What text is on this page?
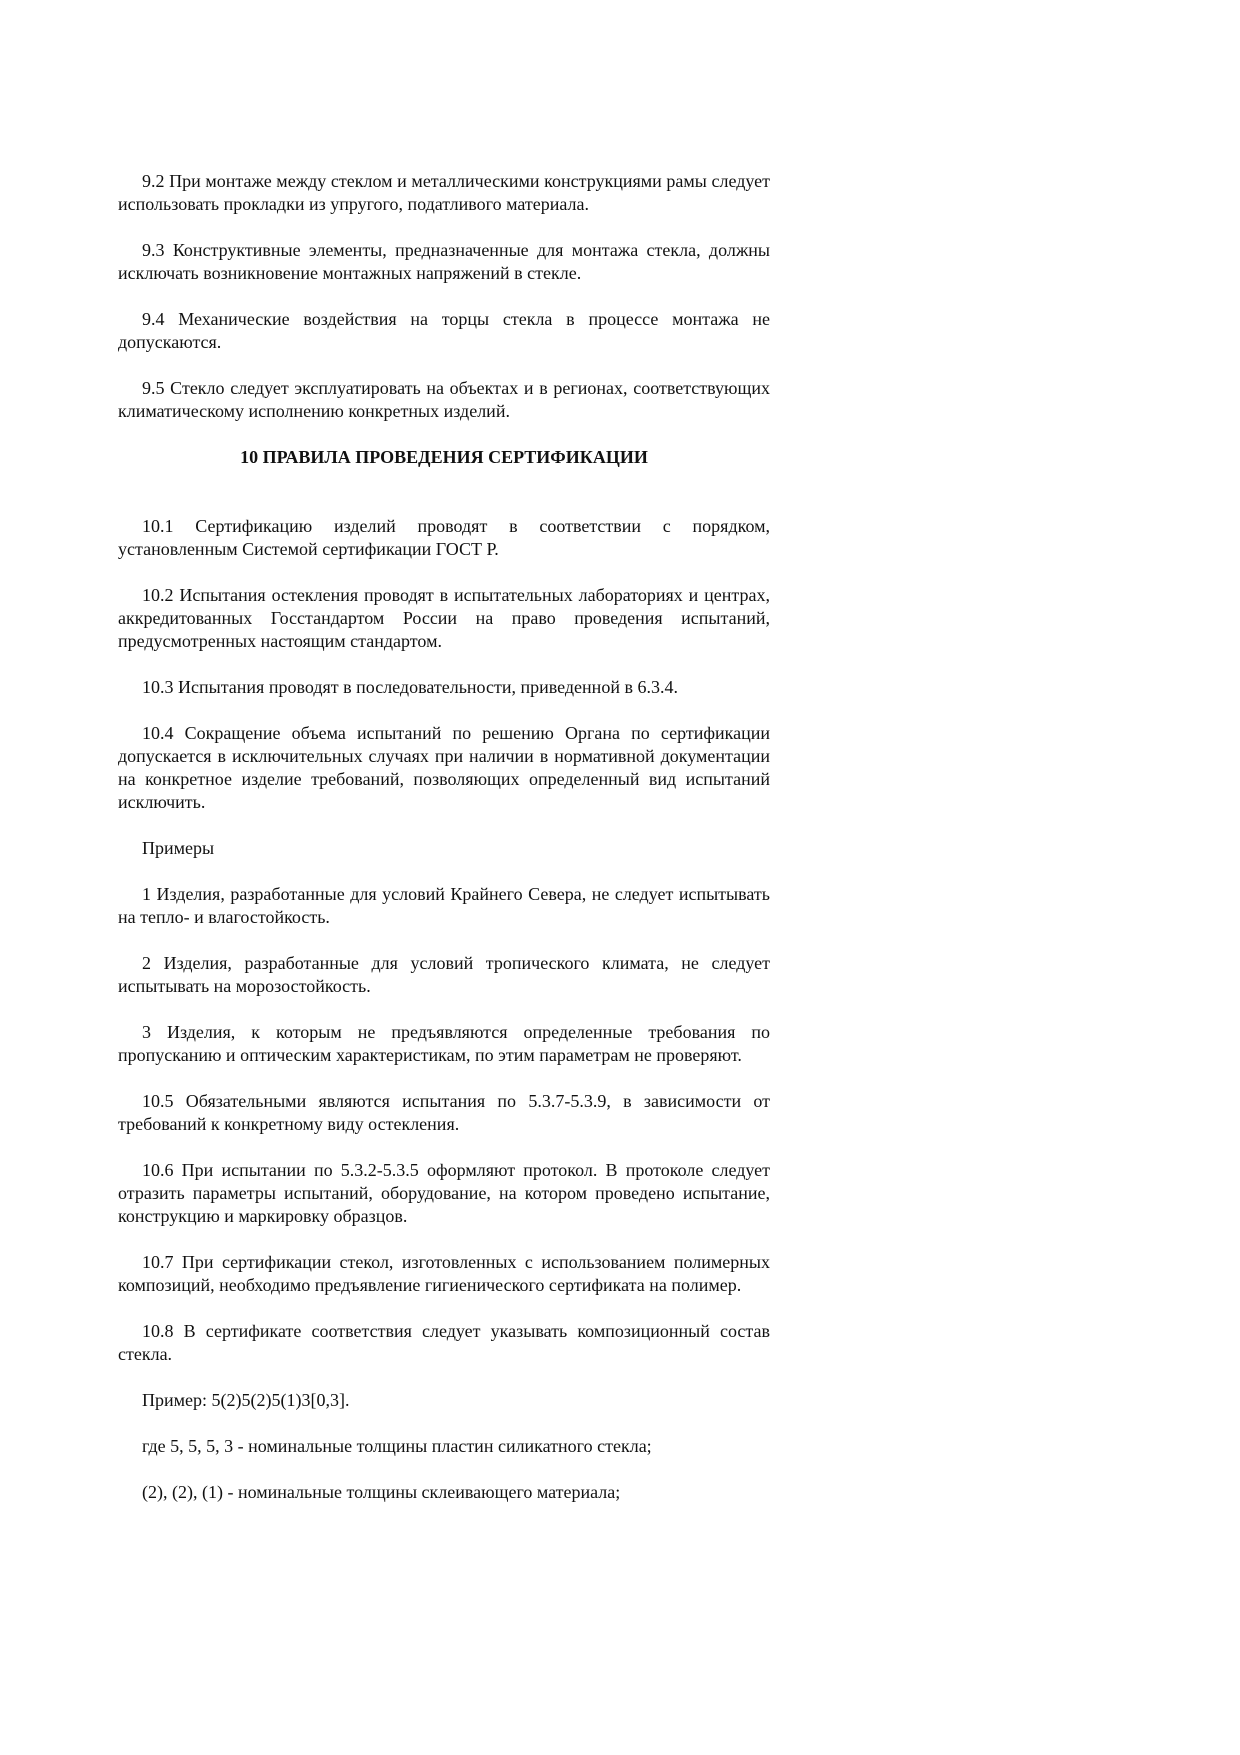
9.2 При монтаже между стеклом и металлическими конструкциями рамы следует использовать прокладки из упругого, податливого материала.

9.3 Конструктивные элементы, предназначенные для монтажа стекла, должны исключать возникновение монтажных напряжений в стекле.

9.4 Механические воздействия на торцы стекла в процессе монтажа не допускаются.

9.5 Стекло следует эксплуатировать на объектах и в регионах, соответствующих климатическому исполнению конкретных изделий.

10 ПРАВИЛА ПРОВЕДЕНИЯ СЕРТИФИКАЦИИ

10.1 Сертификацию изделий проводят в соответствии с порядком, установленным Системой сертификации ГОСТ Р.

10.2 Испытания остекления проводят в испытательных лабораториях и центрах, аккредитованных Госстандартом России на право проведения испытаний, предусмотренных настоящим стандартом.

10.3 Испытания проводят в последовательности, приведенной в 6.3.4.

10.4 Сокращение объема испытаний по решению Органа по сертификации допускается в исключительных случаях при наличии в нормативной документации на конкретное изделие требований, позволяющих определенный вид испытаний исключить.

Примеры

1 Изделия, разработанные для условий Крайнего Севера, не следует испытывать на тепло- и влагостойкость.

2 Изделия, разработанные для условий тропического климата, не следует испытывать на морозостойкость.

3 Изделия, к которым не предъявляются определенные требования по пропусканию и оптическим характеристикам, по этим параметрам не проверяют.

10.5 Обязательными являются испытания по 5.3.7-5.3.9, в зависимости от требований к конкретному виду остекления.

10.6 При испытании по 5.3.2-5.3.5 оформляют протокол. В протоколе следует отразить параметры испытаний, оборудование, на котором проведено испытание, конструкцию и маркировку образцов.

10.7 При сертификации стекол, изготовленных с использованием полимерных композиций, необходимо предъявление гигиенического сертификата на полимер.

10.8 В сертификате соответствия следует указывать композиционный состав стекла.

Пример: 5(2)5(2)5(1)3[0,3].

где 5, 5, 5, 3 - номинальные толщины пластин силикатного стекла;

(2), (2), (1) - номинальные толщины склеивающего материала;
